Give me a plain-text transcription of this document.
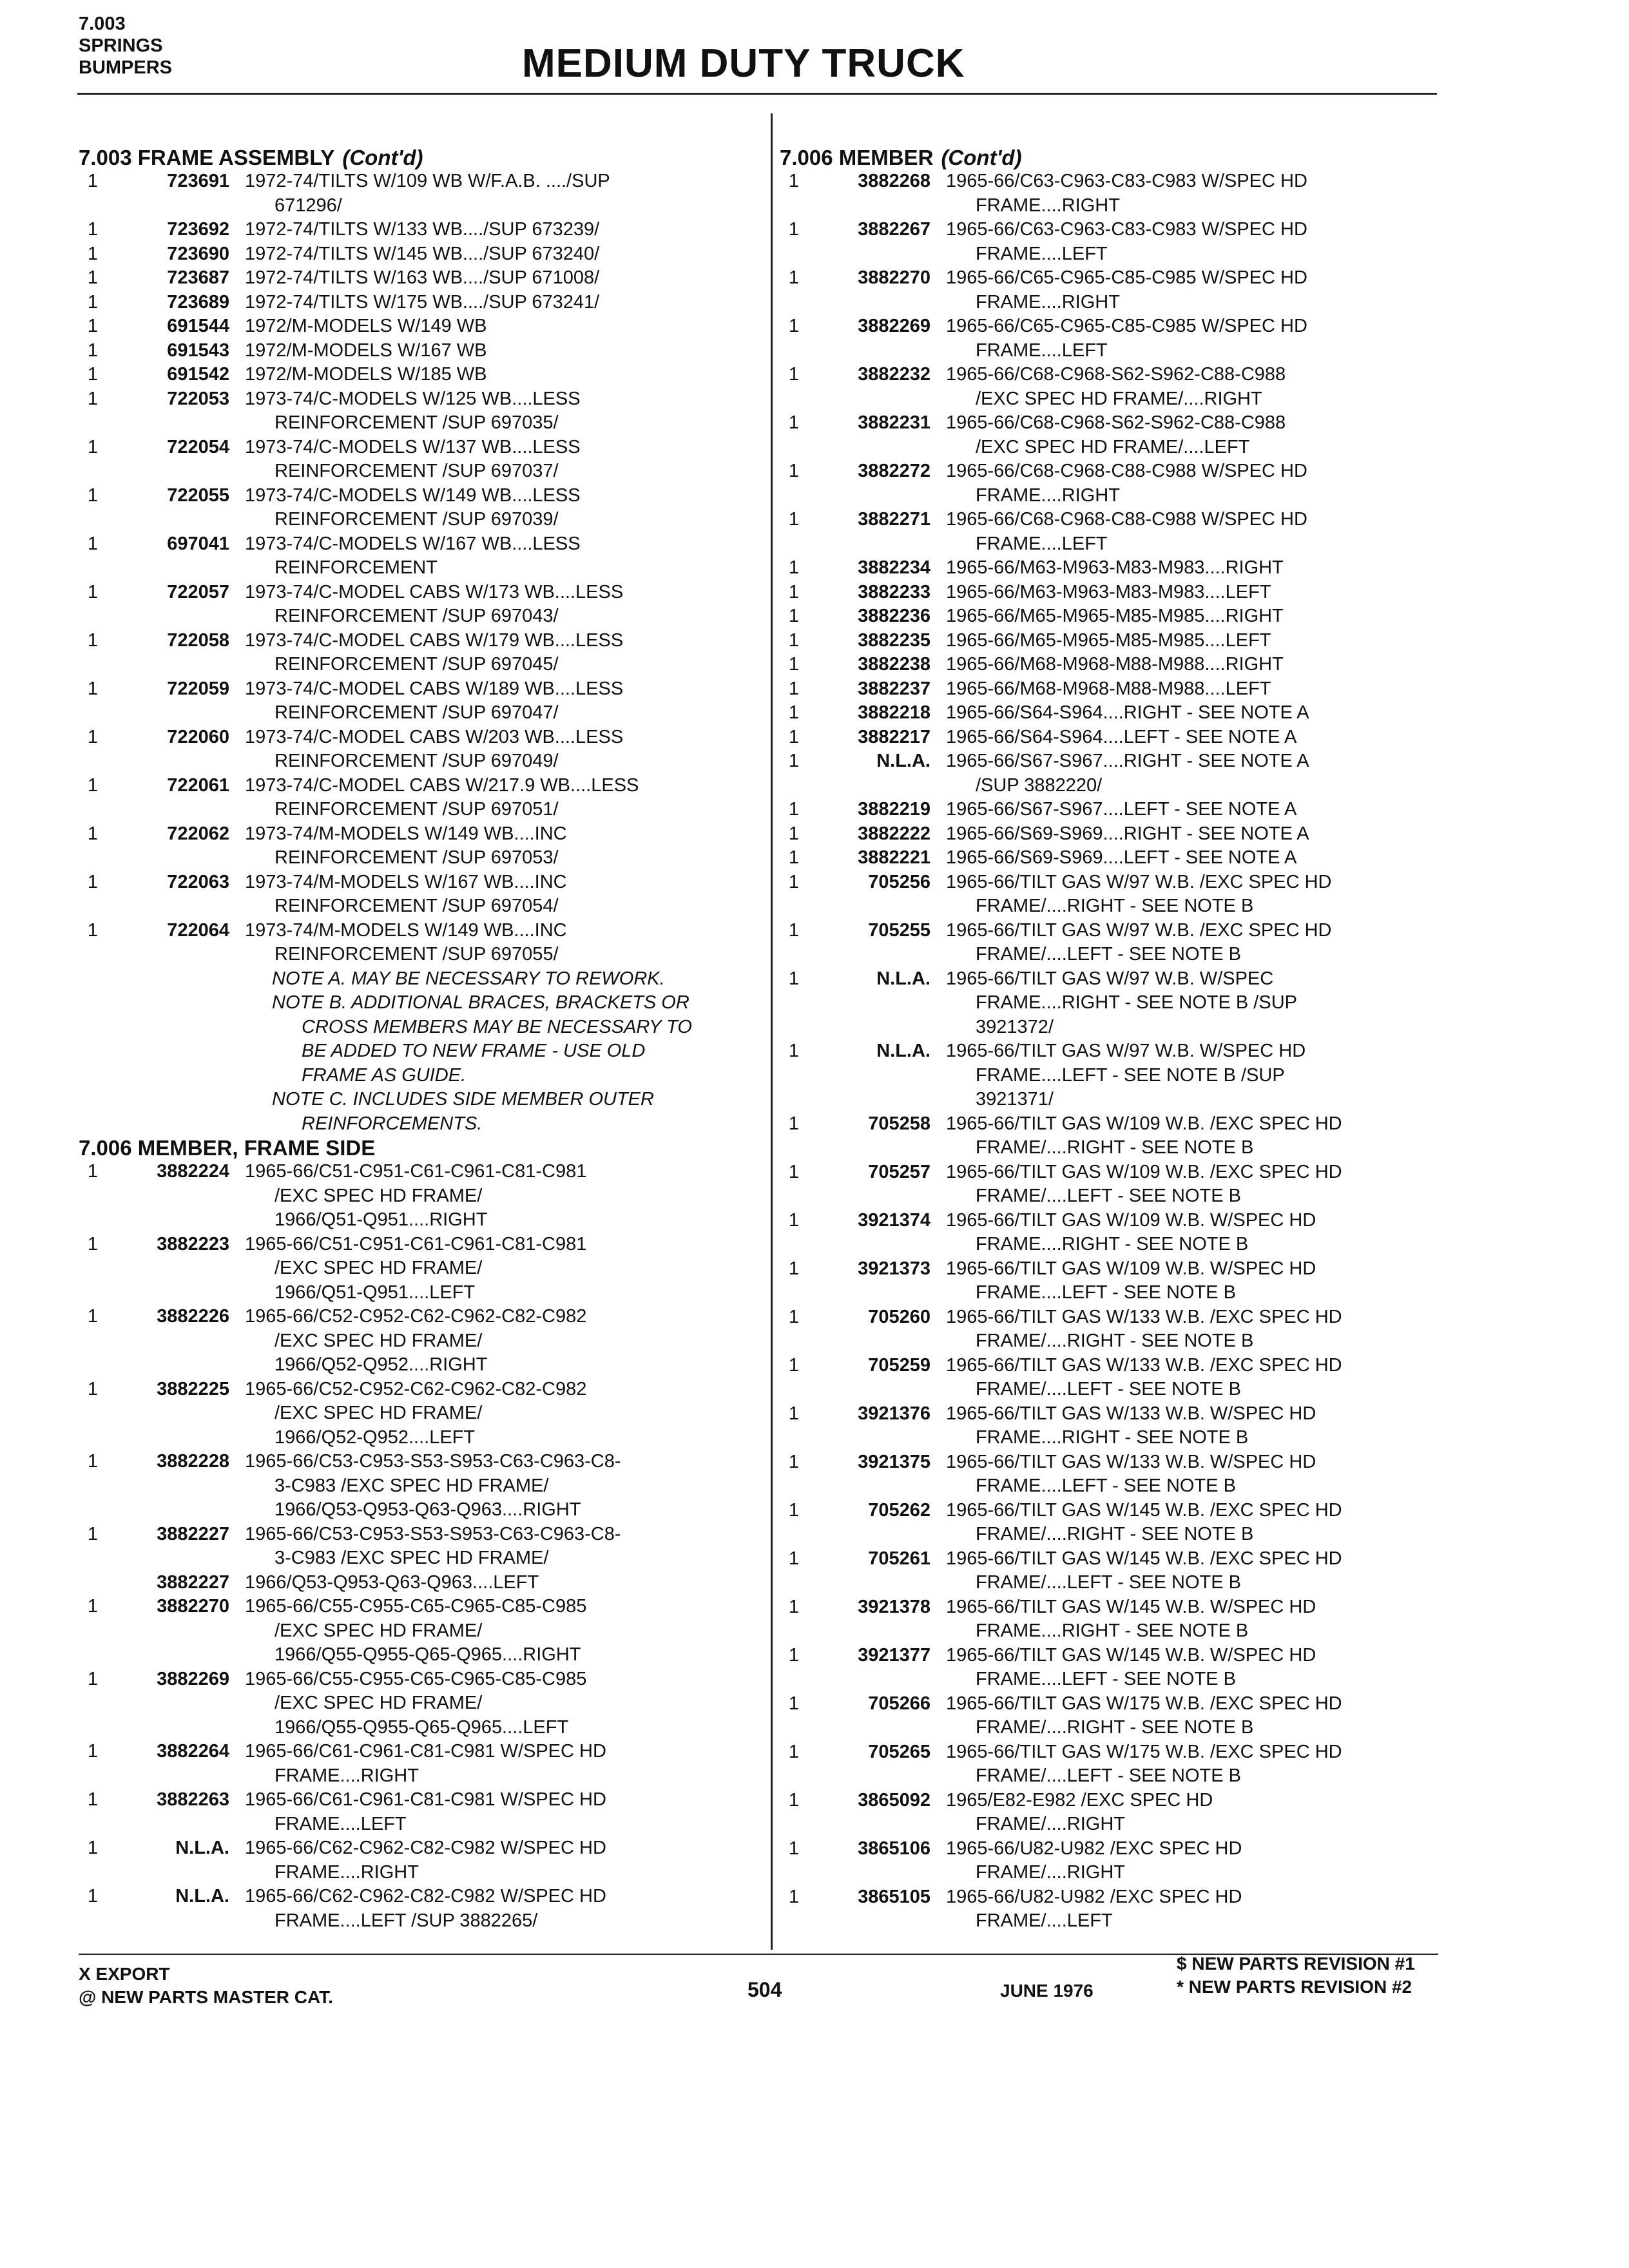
7.003
SPRINGS
BUMPERS	MEDIUM DUTY TRUCK
7.003 FRAME ASSEMBLY (Cont'd)
1	723691 1972-74/TILTS W/109 WB W/F.A.B. ..../SUP
671296/
1	723692 1972-74/TILTS W/133 WB..../SUP 673239/
1	723690 1972-74/TILTS W/145 WB..../SUP 673240/
1	723687 1972-74/TILTS W/163 WB..../SUP 671008/
1	723689 1972-74/TILTS W/175 WB..../SUP 673241/
1	691544 1972/M-MODELS W/149 WB
1	691543 1972/M-MODELS W/167 WB
1	691542 1972/M-MODELS W/185 WB
1	722053 1973-74/C-MODELS W/125 WB....LESS
REINFORCEMENT /SUP 697035/
1	722054 1973-74/C-MODELS W/137 WB....LESS
REINFORCEMENT /SUP 697037/
1	722055 1973-74/C-MODELS W/149 WB....LESS
REINFORCEMENT /SUP 697039/
1	697041 1973-74/C-MODELS W/167 WB....LESS
REINFORCEMENT
1	722057 1973-74/C-MODEL CABS W/173 WB....LESS
REINFORCEMENT /SUP 697043/
1	722058 1973-74/C-MODEL CABS W/179 WB....LESS
REINFORCEMENT /SUP 697045/
1	722059 1973-74/C-MODEL CABS W/189 WB....LESS
REINFORCEMENT /SUP 697047/
1	722060 1973-74/C-MODEL CABS W/203 WB....LESS
REINFORCEMENT /SUP 697049/
1	722061 1973-74/C-MODEL CABS W/217.9 WB....LESS
REINFORCEMENT /SUP 697051/
1	722062 1973-74/M-MODELS W/149 WB....INC
REINFORCEMENT /SUP 697053/
1	722063 1973-74/M-MODELS W/167 WB....INC
REINFORCEMENT /SUP 697054/
1	722064 1973-74/M-MODELS W/149 WB....INC
REINFORCEMENT /SUP 697055/
NOTE A. MAY BE NECESSARY TO REWORK.
NOTE B. ADDITIONAL BRACES, BRACKETS OR
CROSS MEMBERS MAY BE NECESSARY TO
BE ADDED TO NEW FRAME - USE OLD
FRAME AS GUIDE.
NOTE C. INCLUDES SIDE MEMBER OUTER
REINFORCEMENTS.
7.006 MEMBER, FRAME SIDE
1	3882224 1965-66/C51-C951-C61-C961-C81-C981
/EXC SPEC HD FRAME/
1966/Q51-Q951....RIGHT
1	3882223 1965-66/C51-C951-C61-C961-C81-C981
/EXC SPEC HD FRAME/
1966/Q51-Q951....LEFT
1	3882226 1965-66/C52-C952-C62-C962-C82-C982
/EXC SPEC HD FRAME/
1966/Q52-Q952....RIGHT
1	3882225 1965-66/C52-C952-C62-C962-C82-C982
/EXC SPEC HD FRAME/
1966/Q52-Q952....LEFT
1	3882228 1965-66/C53-C953-S53-S953-C63-C963-C8-
3-C983 /EXC SPEC HD FRAME/
1966/Q53-Q953-Q63-Q963....RIGHT
1	3882227 1965-66/C53-C953-S53-S953-C63-C963-C8-
3-C983 /EXC SPEC HD FRAME/
3882227 1966/Q53-Q953-Q63-Q963....LEFT
1	3882270 1965-66/C55-C955-C65-C965-C85-C985
/EXC SPEC HD FRAME/
1966/Q55-Q955-Q65-Q965....RIGHT
1	3882269 1965-66/C55-C955-C65-C965-C85-C985
/EXC SPEC HD FRAME/
1966/Q55-Q955-Q65-Q965....LEFT
1	3882264 1965-66/C61-C961-C81-C981 W/SPEC HD
FRAME....RIGHT
1	3882263 1965-66/C61-C961-C81-C981 W/SPEC HD
FRAME....LEFT
1	N.L.A. 1965-66/C62-C962-C82-C982 W/SPEC HD
FRAME....RIGHT
1	N.L.A. 1965-66/C62-C962-C82-C982 W/SPEC HD
FRAME....LEFT /SUP 3882265/
7.006 MEMBER (Cont'd)
1	3882268 1965-66/C63-C963-C83-C983 W/SPEC HD
FRAME....RIGHT
1	3882267 1965-66/C63-C963-C83-C983 W/SPEC HD
FRAME....LEFT
1	3882270 1965-66/C65-C965-C85-C985 W/SPEC HD
FRAME....RIGHT
1	3882269 1965-66/C65-C965-C85-C985 W/SPEC HD
FRAME....LEFT
1	3882232 1965-66/C68-C968-S62-S962-C88-C988
/EXC SPEC HD FRAME/....RIGHT
1	3882231 1965-66/C68-C968-S62-S962-C88-C988
/EXC SPEC HD FRAME/....LEFT
1	3882272 1965-66/C68-C968-C88-C988 W/SPEC HD
FRAME....RIGHT
1	3882271 1965-66/C68-C968-C88-C988 W/SPEC HD
FRAME....LEFT
1	3882234 1965-66/M63-M963-M83-M983....RIGHT
1	3882233 1965-66/M63-M963-M83-M983....LEFT
1	3882236 1965-66/M65-M965-M85-M985....RIGHT
1	3882235 1965-66/M65-M965-M85-M985....LEFT
1	3882238 1965-66/M68-M968-M88-M988....RIGHT
1	3882237 1965-66/M68-M968-M88-M988....LEFT
1	3882218 1965-66/S64-S964....RIGHT - SEE NOTE A
1	3882217 1965-66/S64-S964....LEFT - SEE NOTE A
1	N.L.A. 1965-66/S67-S967....RIGHT - SEE NOTE A
/SUP 3882220/
1	3882219 1965-66/S67-S967....LEFT - SEE NOTE A
1	3882222 1965-66/S69-S969....RIGHT - SEE NOTE A
1	3882221 1965-66/S69-S969....LEFT - SEE NOTE A
1	705256 1965-66/TILT GAS W/97 W.B. /EXC SPEC HD
FRAME/....RIGHT - SEE NOTE B
1	705255 1965-66/TILT GAS W/97 W.B. /EXC SPEC HD
FRAME/....LEFT - SEE NOTE B
1	N.L.A. 1965-66/TILT GAS W/97 W.B. W/SPEC
FRAME....RIGHT - SEE NOTE B /SUP
3921372/
1	N.L.A. 1965-66/TILT GAS W/97 W.B. W/SPEC HD
FRAME....LEFT - SEE NOTE B /SUP
3921371/
1	705258 1965-66/TILT GAS W/109 W.B. /EXC SPEC HD
FRAME/....RIGHT - SEE NOTE B
1	705257 1965-66/TILT GAS W/109 W.B. /EXC SPEC HD
FRAME/....LEFT - SEE NOTE B
1	3921374 1965-66/TILT GAS W/109 W.B. W/SPEC HD
FRAME....RIGHT - SEE NOTE B
1	3921373 1965-66/TILT GAS W/109 W.B. W/SPEC HD
FRAME....LEFT - SEE NOTE B
1	705260 1965-66/TILT GAS W/133 W.B. /EXC SPEC HD
FRAME/....RIGHT - SEE NOTE B
1	705259 1965-66/TILT GAS W/133 W.B. /EXC SPEC HD
FRAME/....LEFT - SEE NOTE B
1	3921376 1965-66/TILT GAS W/133 W.B. W/SPEC HD
FRAME....RIGHT - SEE NOTE B
1	3921375 1965-66/TILT GAS W/133 W.B. W/SPEC HD
FRAME....LEFT - SEE NOTE B
1	705262 1965-66/TILT GAS W/145 W.B. /EXC SPEC HD
FRAME/....RIGHT - SEE NOTE B
1	705261 1965-66/TILT GAS W/145 W.B. /EXC SPEC HD
FRAME/....LEFT - SEE NOTE B
1	3921378 1965-66/TILT GAS W/145 W.B. W/SPEC HD
FRAME....RIGHT - SEE NOTE B
1	3921377 1965-66/TILT GAS W/145 W.B. W/SPEC HD
FRAME....LEFT - SEE NOTE B
1	705266 1965-66/TILT GAS W/175 W.B. /EXC SPEC HD
FRAME/....RIGHT - SEE NOTE B
1	705265 1965-66/TILT GAS W/175 W.B. /EXC SPEC HD
FRAME/....LEFT - SEE NOTE B
1	3865092 1965/E82-E982 /EXC SPEC HD
FRAME/....RIGHT
1	3865106 1965-66/U82-U982 /EXC SPEC HD
FRAME/....RIGHT
1	3865105 1965-66/U82-U982 /EXC SPEC HD
FRAME/....LEFT
X EXPORT
@ NEW PARTS MASTER CAT.	504	JUNE 1976
$ NEW PARTS REVISION #1
* NEW PARTS REVISION #2
